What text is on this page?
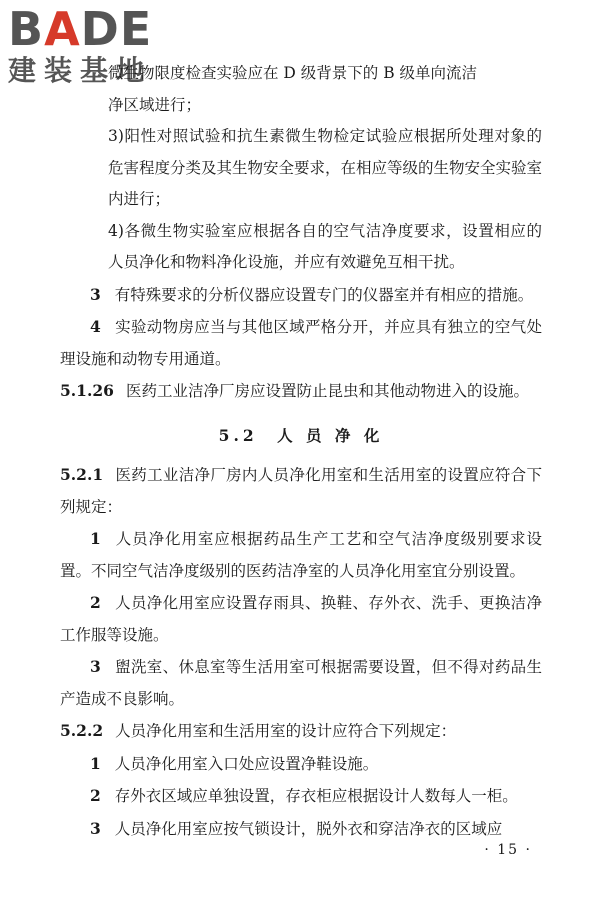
BADE
建装基地

微生物限度检查实验应在 D 级背景下的 B 级单向流洁

净区域进行；

3)阳性对照试验和抗生素微生物检定试验应根据所处理对象的危害程度分类及其生物安全要求，在相应等级的生物安全实验室内进行；

4)各微生物实验室应根据各自的空气洁净度要求，设置相应的人员净化和物料净化设施，并应有效避免互相干扰。

3 有特殊要求的分析仪器应设置专门的仪器室并有相应的措施。

4 实验动物房应当与其他区域严格分开，并应具有独立的空气处理设施和动物专用通道。

5.1.26 医药工业洁净厂房应设置防止昆虫和其他动物进入的设施。

5.2　人 员 净 化

5.2.1 医药工业洁净厂房内人员净化用室和生活用室的设置应符合下列规定：

1 人员净化用室应根据药品生产工艺和空气洁净度级别要求设置。不同空气洁净度级别的医药洁净室的人员净化用室宜分别设置。

2 人员净化用室应设置存雨具、换鞋、存外衣、洗手、更换洁净工作服等设施。

3 盥洗室、休息室等生活用室可根据需要设置，但不得对药品生产造成不良影响。

5.2.2 人员净化用室和生活用室的设计应符合下列规定：

1 人员净化用室入口处应设置净鞋设施。

2 存外衣区域应单独设置，存衣柜应根据设计人数每人一柜。

3 人员净化用室应按气锁设计，脱外衣和穿洁净衣的区域应

· 15 ·
